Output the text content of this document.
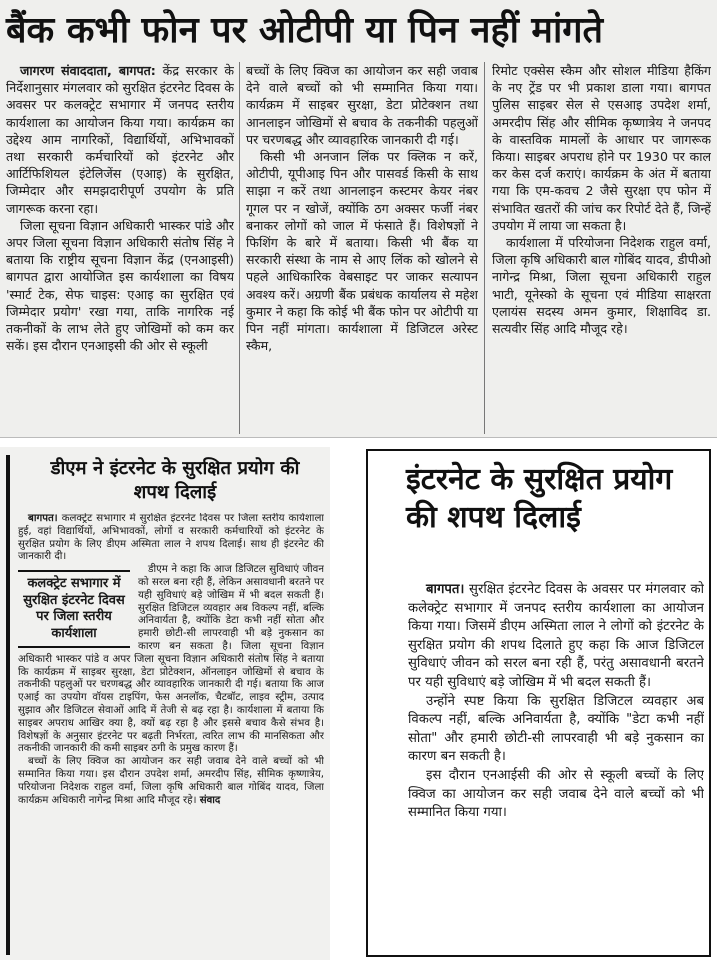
बैंक कभी फोन पर ओटीपी या पिन नहीं मांगते

जागरण संवाददाता, बागपत: केंद्र सरकार के निर्देशानुसार मंगलवार को सुरक्षित इंटरनेट दिवस के अवसर पर कलक्ट्रेट सभागार में जनपद स्तरीय कार्यशाला का आयोजन किया गया। कार्यक्रम का उद्देश्य आम नागरिकों, विद्यार्थियों, अभिभावकों तथा सरकारी कर्मचारियों को इंटरनेट और आर्टिफिशियल इंटेलिजेंस (एआइ) के सुरक्षित, जिम्मेदार और समझदारीपूर्ण उपयोग के प्रति जागरूक करना रहा।

जिला सूचना विज्ञान अधिकारी भास्कर पांडे और अपर जिला सूचना विज्ञान अधिकारी संतोष सिंह ने बताया कि राष्ट्रीय सूचना विज्ञान केंद्र (एनआइसी) बागपत द्वारा आयोजित इस कार्यशाला का विषय 'स्मार्ट टेक, सेफ चाइस: एआइ का सुरक्षित एवं जिम्मेदार प्रयोग' रखा गया, ताकि नागरिक नई तकनीकों के लाभ लेते हुए जोखिमों को कम कर सकें। इस दौरान एनआइसी की ओर से स्कूली

बच्चों के लिए क्विज का आयोजन कर सही जवाब देने वाले बच्चों को भी सम्मानित किया गया। कार्यक्रम में साइबर सुरक्षा, डेटा प्रोटेक्शन तथा आनलाइन जोखिमों से बचाव के तकनीकी पहलुओं पर चरणबद्ध और व्यावहारिक जानकारी दी गई।

किसी भी अनजान लिंक पर क्लिक न करें, ओटीपी, यूपीआइ पिन और पासवर्ड किसी के साथ साझा न करें तथा आनलाइन कस्टमर केयर नंबर गूगल पर न खोजें, क्योंकि ठग अक्सर फर्जी नंबर बनाकर लोगों को जाल में फंसाते हैं। विशेषज्ञों ने फिशिंग के बारे में बताया। किसी भी बैंक या सरकारी संस्था के नाम से आए लिंक को खोलने से पहले आधिकारिक वेबसाइट पर जाकर सत्यापन अवश्य करें। अग्रणी बैंक प्रबंधक कार्यालय से महेश कुमार ने कहा कि कोई भी बैंक फोन पर ओटीपी या पिन नहीं मांगता। कार्यशाला में डिजिटल अरेस्ट स्कैम,

रिमोट एक्सेस स्कैम और सोशल मीडिया हैकिंग के नए ट्रेंड पर भी प्रकाश डाला गया। बागपत पुलिस साइबर सेल से एसआइ उपदेश शर्मा, अमरदीप सिंह और सीमिक कृष्णात्रेय ने जनपद के वास्तविक मामलों के आधार पर जागरूक किया। साइबर अपराध होने पर 1930 पर काल कर केस दर्ज कराएं। कार्यक्रम के अंत में बताया गया कि एम-कवच 2 जैसे सुरक्षा एप फोन में संभावित खतरों की जांच कर रिपोर्ट देते हैं, जिन्हें उपयोग में लाया जा सकता है।

कार्यशाला में परियोजना निदेशक राहुल वर्मा, जिला कृषि अधिकारी बाल गोबिंद यादव, डीपीओ नागेन्द्र मिश्रा, जिला सूचना अधिकारी राहुल भाटी, यूनेस्को के सूचना एवं मीडिया साक्षरता एलायंस सदस्य अमन कुमार, शिक्षाविद डा. सत्यवीर सिंह आदि मौजूद रहे।

डीएम ने इंटरनेट के सुरक्षित प्रयोग की शपथ दिलाई

बागपत। कलक्ट्रेट सभागार में सुरक्षित इंटरनेट दिवस पर जिला स्तरीय कार्यशाला हुई, वहां विद्यार्थियों, अभिभावकों, लोगों व सरकारी कर्मचारियों को इंटरनेट के सुरक्षित प्रयोग के लिए डीएम अस्मिता लाल ने शपथ दिलाई। साथ ही इंटरनेट की जानकारी दी।

कलक्ट्रेट सभागार में सुरक्षित इंटरनेट दिवस पर जिला स्तरीय कार्यशाला

डीएम ने कहा कि आज डिजिटल सुविधाएं जीवन को सरल बना रही हैं, लेकिन असावधानी बरतने पर यही सुविधाएं बड़े जोखिम में भी बदल सकती हैं। सुरक्षित डिजिटल व्यवहार अब विकल्प नहीं, बल्कि अनिवार्यता है, क्योंकि डेटा कभी नहीं सोता और हमारी छोटी-सी लापरवाही भी बड़े नुकसान का कारण बन सकता है। जिला सूचना विज्ञान अधिकारी भास्कर पांडे व अपर जिला सूचना विज्ञान अधिकारी संतोष सिंह ने बताया कि कार्यक्रम में साइबर सुरक्षा, डेटा प्रोटेक्शन, ऑनलाइन जोखिमों से बचाव के तकनीकी पहलुओं पर चरणबद्ध और व्यावहारिक जानकारी दी गई। बताया कि आज एआई का उपयोग वॉयस टाइपिंग, फेस अनलॉक, चैटबॉट, लाइव स्ट्रीम, उत्पाद सुझाव और डिजिटल सेवाओं आदि में तेजी से बढ़ रहा है। कार्यशाला में बताया कि साइबर अपराध आखिर क्या है, क्यों बढ़ रहा है और इससे बचाव कैसे संभव है। विशेषज्ञों के अनुसार इंटरनेट पर बढ़ती निर्भरता, त्वरित लाभ की मानसिकता और तकनीकी जानकारी की कमी साइबर ठगी के प्रमुख कारण हैं।

बच्चों के लिए क्विज का आयोजन कर सही जवाब देने वाले बच्चों को भी सम्मानित किया गया। इस दौरान उपदेश शर्मा, अमरदीप सिंह, सीमिक कृष्णात्रेय, परियोजना निदेशक राहुल वर्मा, जिला कृषि अधिकारी बाल गोबिंद यादव, जिला कार्यक्रम अधिकारी नागेन्द्र मिश्रा आदि मौजूद रहे। संवाद

इंटरनेट के सुरक्षित प्रयोग की शपथ दिलाई

बागपत। सुरक्षित इंटरनेट दिवस के अवसर पर मंगलवार को कलेक्ट्रेट सभागार में जनपद स्तरीय कार्यशाला का आयोजन किया गया। जिसमें डीएम अस्मिता लाल ने लोगों को इंटरनेट के सुरक्षित प्रयोग की शपथ दिलाते हुए कहा कि आज डिजिटल सुविधाएं जीवन को सरल बना रही हैं, परंतु असावधानी बरतने पर यही सुविधाएं बड़े जोखिम में भी बदल सकती हैं।

उन्होंने स्पष्ट किया कि सुरक्षित डिजिटल व्यवहार अब विकल्प नहीं, बल्कि अनिवार्यता है, क्योंकि "डेटा कभी नहीं सोता" और हमारी छोटी-सी लापरवाही भी बड़े नुकसान का कारण बन सकती है।

इस दौरान एनआईसी की ओर से स्कूली बच्चों के लिए क्विज का आयोजन कर सही जवाब देने वाले बच्चों को भी सम्मानित किया गया।
